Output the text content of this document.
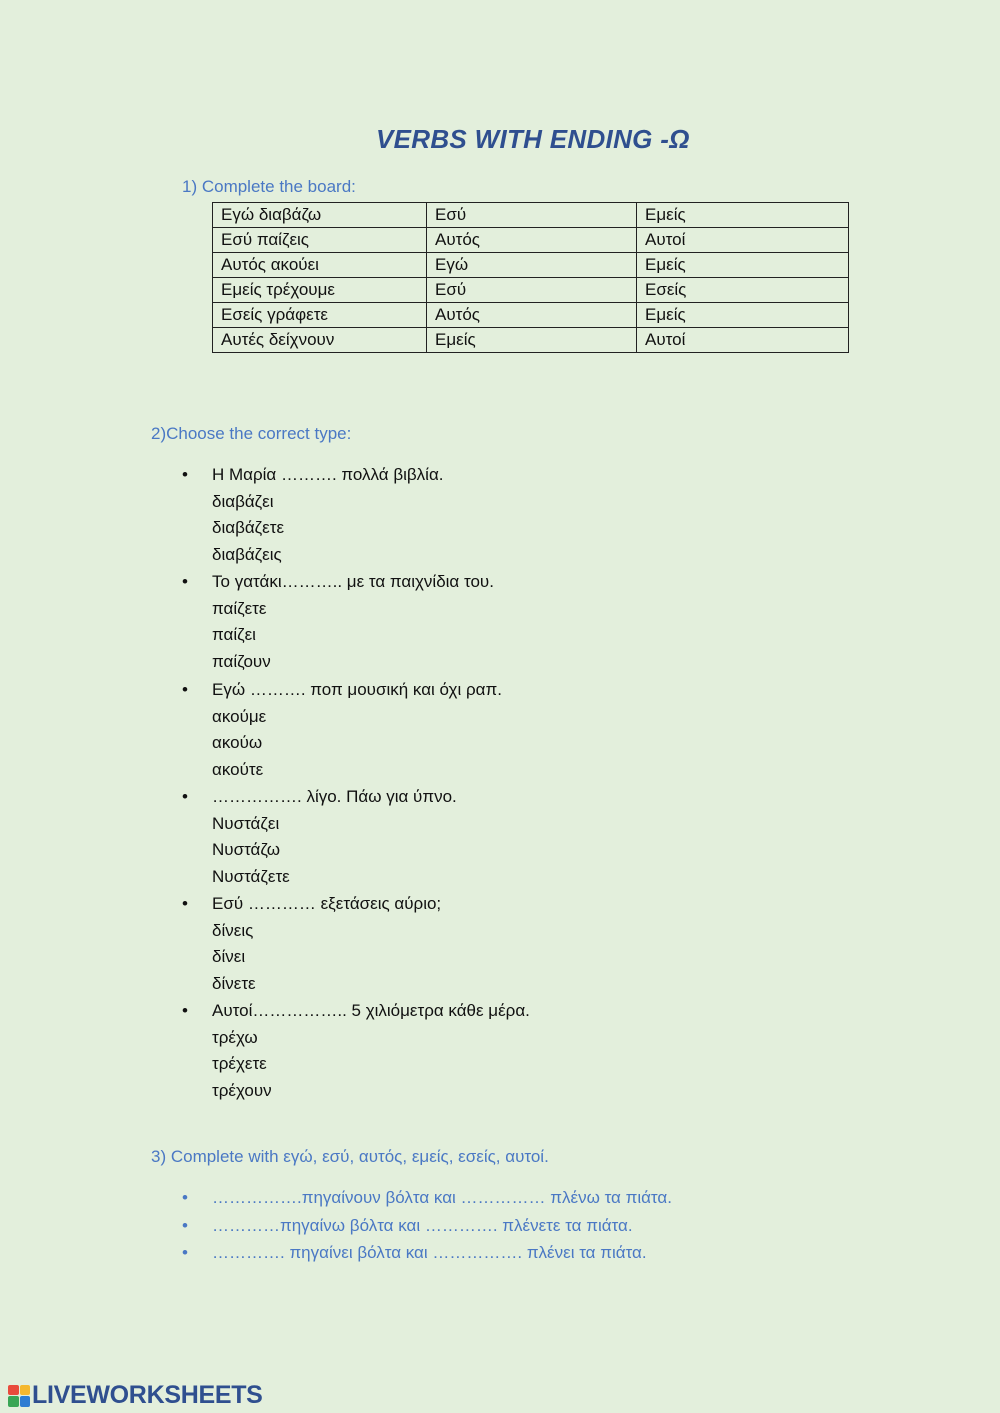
VERBS WITH ENDING -Ω
1) Complete the board:
Εγώ διαβάζω	Εσύ	Εμείς
Εσύ παίζεις	Αυτός	Αυτοί
Αυτός ακούει	Εγώ	Εμείς
Εμείς τρέχουμε	Εσύ	Εσείς
Εσείς γράφετε	Αυτός	Εμείς
Αυτές δείχνουν	Εμείς	Αυτοί
2)Choose the correct type:
• Η Μαρία ………. πολλά βιβλία.
διαβάζει
διαβάζετε
διαβάζεις
• Το γατάκι……….. με τα παιχνίδια του.
παίζετε
παίζει
παίζουν
• Εγώ ………. ποπ μουσική και όχι ραπ.
ακούμε
ακούω
ακούτε
• ……………. λίγο. Πάω για ύπνο.
Νυστάζει
Νυστάζω
Νυστάζετε
• Εσύ ………… εξετάσεις αύριο;
δίνεις
δίνει
δίνετε
• Αυτοί…………….. 5 χιλιόμετρα κάθε μέρα.
τρέχω
τρέχετε
τρέχουν
3) Complete with εγώ, εσύ, αυτός, εμείς, εσείς, αυτοί.
• …………….πηγαίνουν βόλτα και …………… πλένω τα πιάτα.
• …………πηγαίνω βόλτα και …………. πλένετε τα πιάτα.
• …………. πηγαίνει βόλτα και ……………. πλένει τα πιάτα.
LIVEWORKSHEETS
